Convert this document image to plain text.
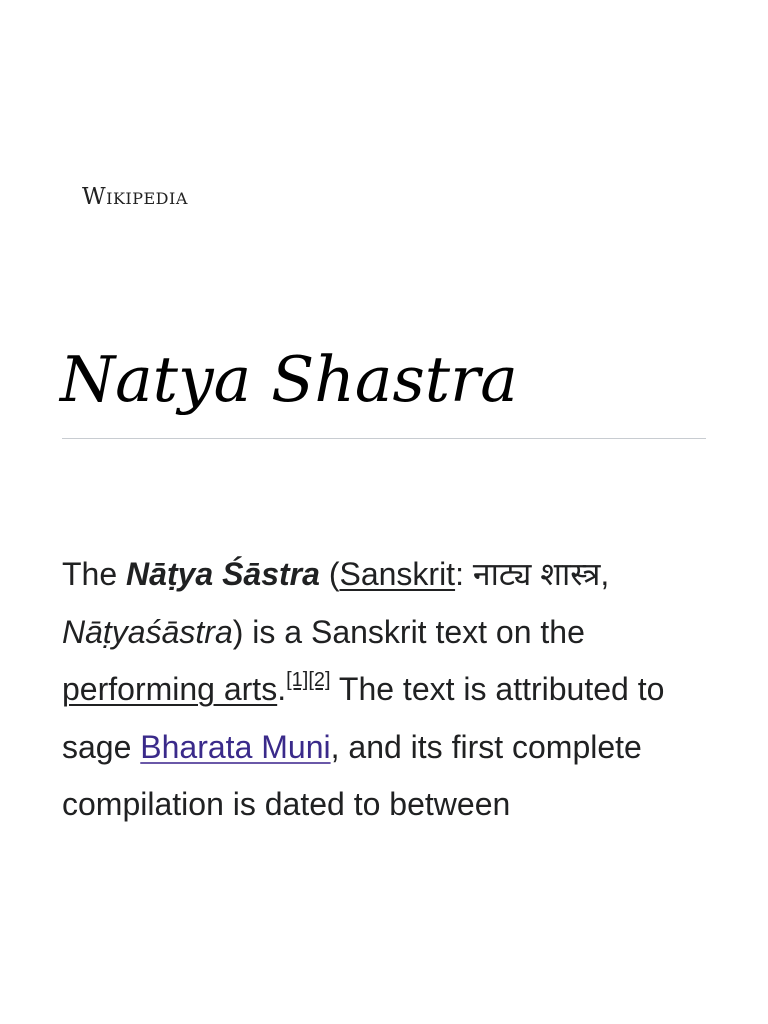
Wikipedia
Natya Shastra

The Nāṭya Śāstra (Sanskrit: नाट्य शास्त्र, Nāṭyaśāstra) is a Sanskrit text on the performing arts.[1][2] The text is attributed to sage Bharata Muni, and its first complete compilation is dated to between
